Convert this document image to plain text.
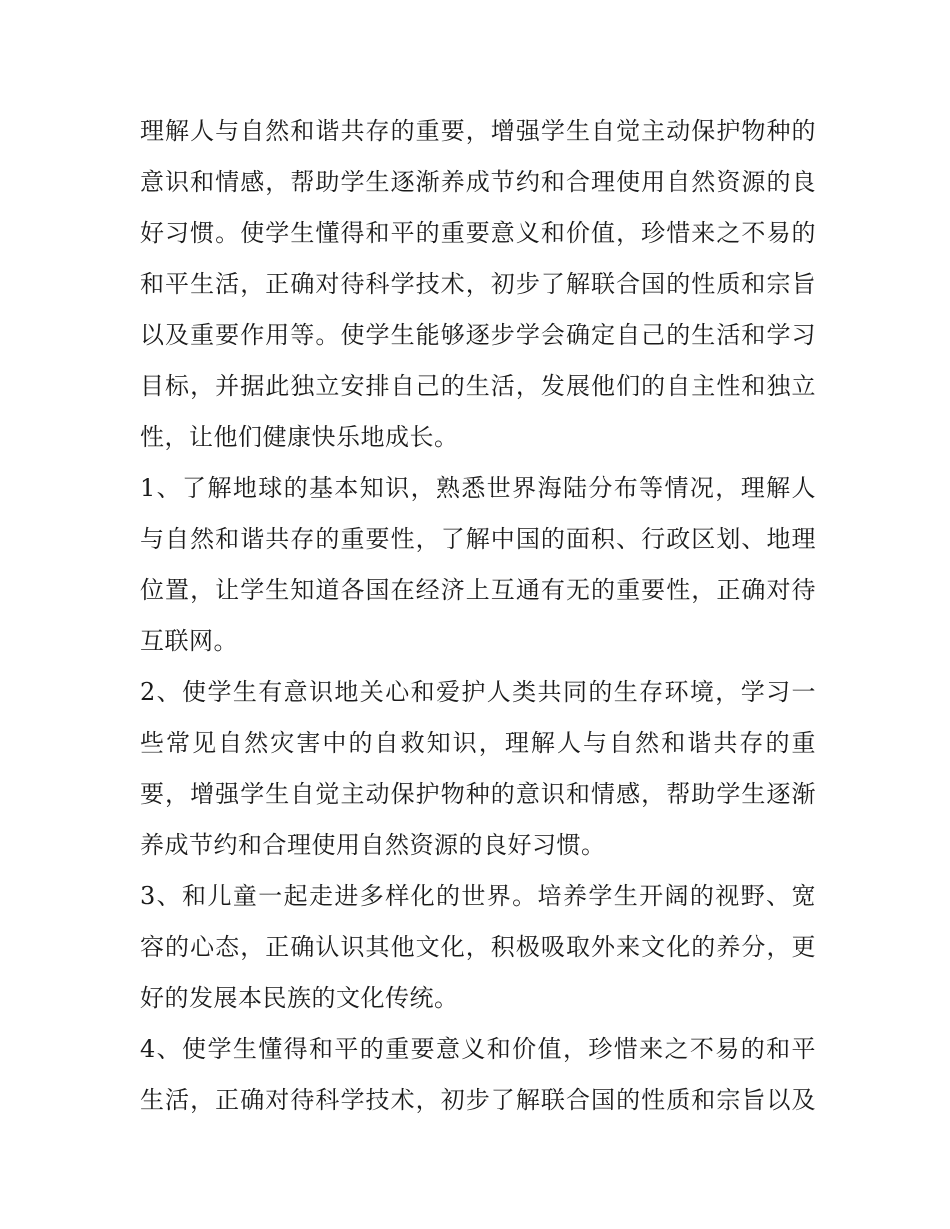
理解人与自然和谐共存的重要，增强学生自觉主动保护物种的
意识和情感，帮助学生逐渐养成节约和合理使用自然资源的良
好习惯。使学生懂得和平的重要意义和价值，珍惜来之不易的
和平生活，正确对待科学技术，初步了解联合国的性质和宗旨
以及重要作用等。使学生能够逐步学会确定自己的生活和学习
目标，并据此独立安排自己的生活，发展他们的自主性和独立
性，让他们健康快乐地成长。
1、了解地球的基本知识，熟悉世界海陆分布等情况，理解人
与自然和谐共存的重要性，了解中国的面积、行政区划、地理
位置，让学生知道各国在经济上互通有无的重要性，正确对待
互联网。
2、使学生有意识地关心和爱护人类共同的生存环境，学习一
些常见自然灾害中的自救知识，理解人与自然和谐共存的重
要，增强学生自觉主动保护物种的意识和情感，帮助学生逐渐
养成节约和合理使用自然资源的良好习惯。
3、和儿童一起走进多样化的世界。培养学生开阔的视野、宽
容的心态，正确认识其他文化，积极吸取外来文化的养分，更
好的发展本民族的文化传统。
4、使学生懂得和平的重要意义和价值，珍惜来之不易的和平
生活，正确对待科学技术，初步了解联合国的性质和宗旨以及
